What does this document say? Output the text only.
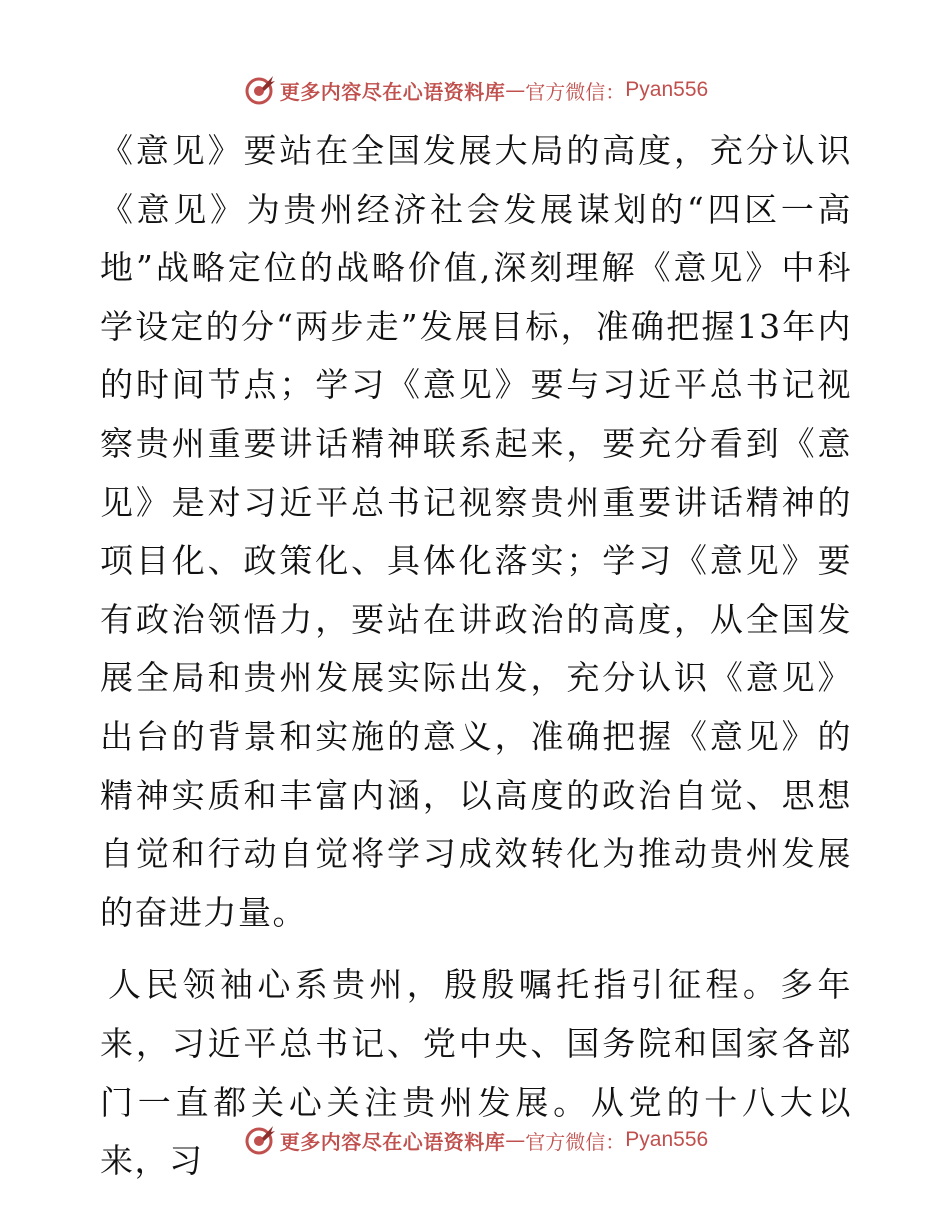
更多内容尽在心语资料库 — 官方微信： Pyan556

《意见》要站在全国发展大局的高度，充分认识《意见》为贵州经济社会发展谋划的“四区一高地”战略定位的战略价值,深刻理解《意见》中科学设定的分“两步走”发展目标，准确把握13年内的时间节点；学习《意见》要与习近平总书记视察贵州重要讲话精神联系起来，要充分看到《意见》是对习近平总书记视察贵州重要讲话精神的项目化、政策化、具体化落实；学习《意见》要有政治领悟力，要站在讲政治的高度，从全国发展全局和贵州发展实际出发，充分认识《意见》出台的背景和实施的意义，准确把握《意见》的精神实质和丰富内涵，以高度的政治自觉、思想自觉和行动自觉将学习成效转化为推动贵州发展的奋进力量。

人民领袖心系贵州，殷殷嘱托指引征程。多年来，习近平总书记、党中央、国务院和国家各部门一直都关心关注贵州发展。从党的十八大以来，习	更多内容尽在心语资料库 — 官方微信： Pyan556
